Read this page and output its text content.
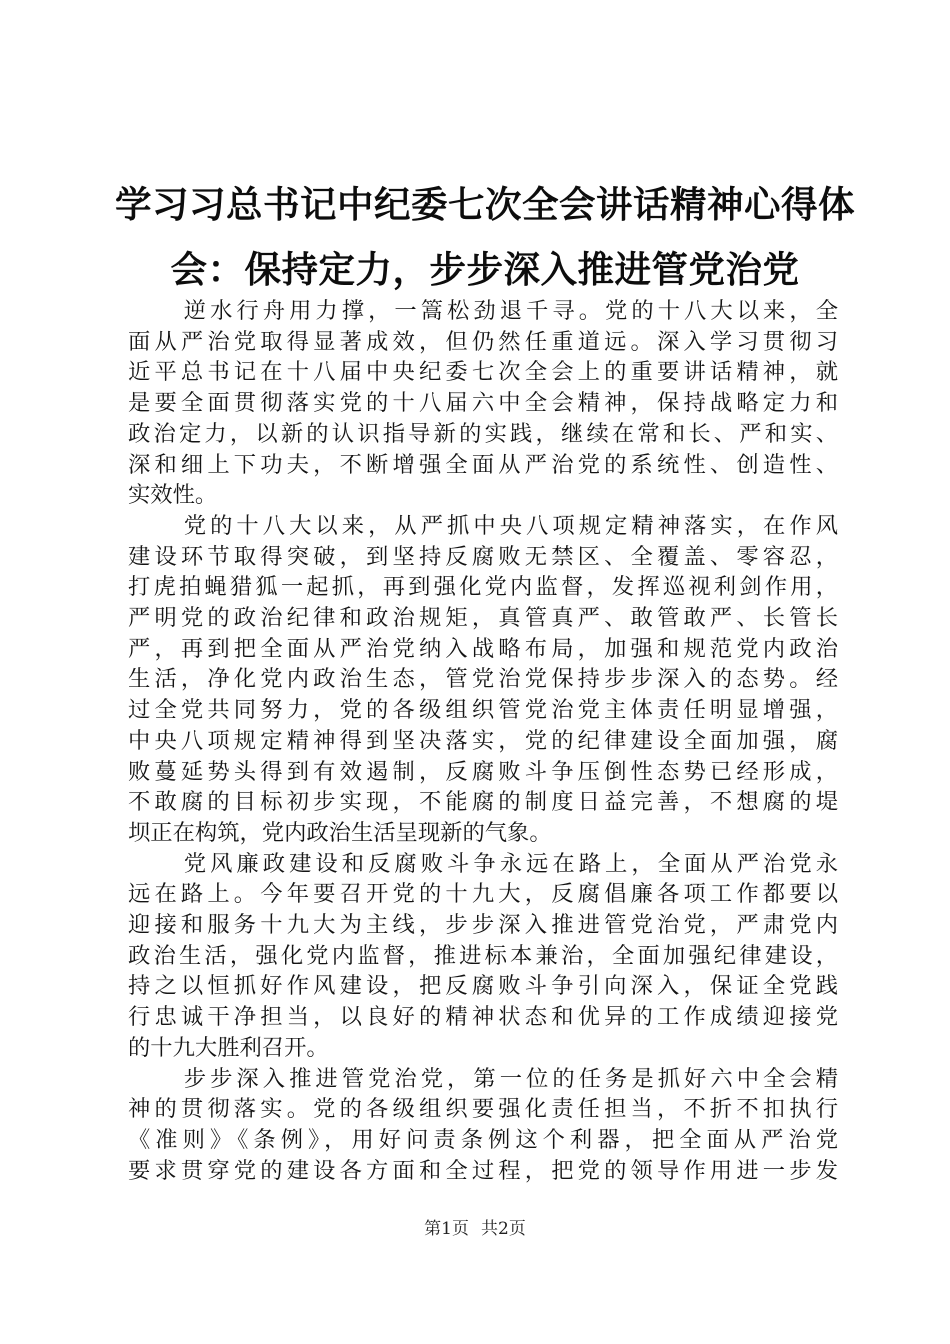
学习习总书记中纪委七次全会讲话精神心得体
会：保持定力，步步深入推进管党治党

逆水行舟用力撑，一篙松劲退千寻。党的十八大以来，全
面从严治党取得显著成效，但仍然任重道远。深入学习贯彻习
近平总书记在十八届中央纪委七次全会上的重要讲话精神，就
是要全面贯彻落实党的十八届六中全会精神，保持战略定力和
政治定力，以新的认识指导新的实践，继续在常和长、严和实、
深和细上下功夫，不断增强全面从严治党的系统性、创造性、
实效性。

党的十八大以来，从严抓中央八项规定精神落实，在作风
建设环节取得突破，到坚持反腐败无禁区、全覆盖、零容忍，
打虎拍蝇猎狐一起抓，再到强化党内监督，发挥巡视利剑作用，
严明党的政治纪律和政治规矩，真管真严、敢管敢严、长管长
严，再到把全面从严治党纳入战略布局，加强和规范党内政治
生活，净化党内政治生态，管党治党保持步步深入的态势。经
过全党共同努力，党的各级组织管党治党主体责任明显增强，
中央八项规定精神得到坚决落实，党的纪律建设全面加强，腐
败蔓延势头得到有效遏制，反腐败斗争压倒性态势已经形成，
不敢腐的目标初步实现，不能腐的制度日益完善，不想腐的堤
坝正在构筑，党内政治生活呈现新的气象。

党风廉政建设和反腐败斗争永远在路上，全面从严治党永
远在路上。今年要召开党的十九大，反腐倡廉各项工作都要以
迎接和服务十九大为主线，步步深入推进管党治党，严肃党内
政治生活，强化党内监督，推进标本兼治，全面加强纪律建设，
持之以恒抓好作风建设，把反腐败斗争引向深入，保证全党践
行忠诚干净担当，以良好的精神状态和优异的工作成绩迎接党
的十九大胜利召开。

步步深入推进管党治党，第一位的任务是抓好六中全会精
神的贯彻落实。党的各级组织要强化责任担当，不折不扣执行
《准则》《条例》，用好问责条例这个利器，把全面从严治党
要求贯穿党的建设各方面和全过程，把党的领导作用进一步发

第1页 共2页
